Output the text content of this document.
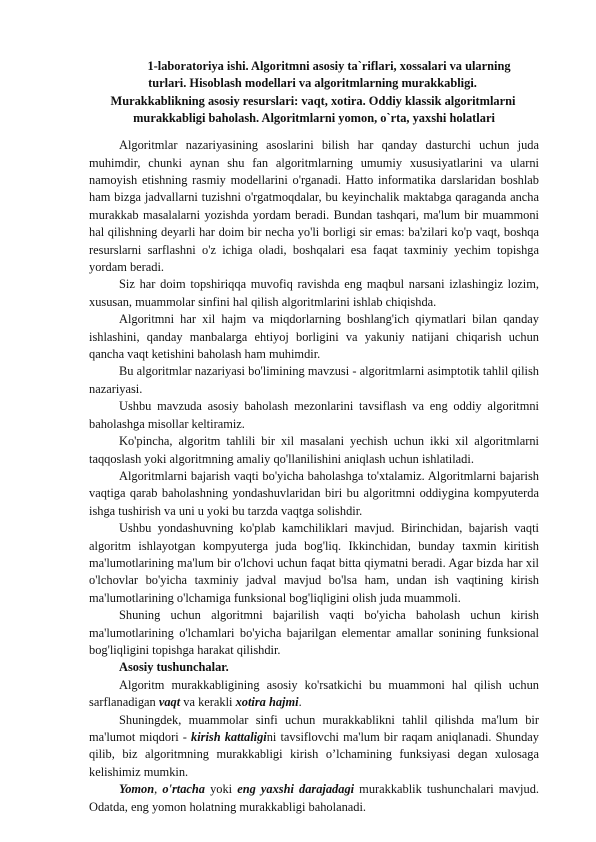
1-laboratoriya ishi. Algoritmni asosiy ta`riflari, xossalari va ularning
turlari. Hisoblash modellari va algoritmlarning murakkabligi.
Murakkablikning asosiy resurslari: vaqt, xotira. Oddiy klassik algoritmlarni
murakkabligi baholash. Algoritmlarni yomon, o`rta, yaxshi holatlari

Algoritmlar nazariyasining asoslarini bilish har qanday dasturchi uchun juda muhimdir, chunki aynan shu fan algoritmlarning umumiy xususiyatlarini va ularni namoyish etishning rasmiy modellarini o'rganadi. Hatto informatika darslaridan boshlab ham bizga jadvallarni tuzishni o'rgatmoqdalar, bu keyinchalik maktabga qaraganda ancha murakkab masalalarni yozishda yordam beradi. Bundan tashqari, ma'lum bir muammoni hal qilishning deyarli har doim bir necha yo'li borligi sir emas: ba'zilari ko'p vaqt, boshqa resurslarni sarflashni o'z ichiga oladi, boshqalari esa faqat taxminiy yechim topishga yordam beradi.

Siz har doim topshiriqqa muvofiq ravishda eng maqbul narsani izlashingiz lozim, xususan, muammolar sinfini hal qilish algoritmlarini ishlab chiqishda.

Algoritmni har xil hajm va miqdorlarning boshlang'ich qiymatlari bilan qanday ishlashini, qanday manbalarga ehtiyoj borligini va yakuniy natijani chiqarish uchun qancha vaqt ketishini baholash ham muhimdir.

Bu algoritmlar nazariyasi bo'limining mavzusi - algoritmlarni asimptotik tahlil qilish nazariyasi.

Ushbu mavzuda asosiy baholash mezonlarini tavsiflash va eng oddiy algoritmni baholashga misollar keltiramiz.

Ko'pincha, algoritm tahlili bir xil masalani yechish uchun ikki xil algoritmlarni taqqoslash yoki algoritmning amaliy qo'llanilishini aniqlash uchun ishlatiladi.

Algoritmlarni bajarish vaqti bo'yicha baholashga to'xtalamiz. Algoritmlarni bajarish vaqtiga qarab baholashning yondashuvlaridan biri bu algoritmni oddiygina kompyuterda ishga tushirish va uni u yoki bu tarzda vaqtga solishdir.

Ushbu yondashuvning ko'plab kamchiliklari mavjud. Birinchidan, bajarish vaqti algoritm ishlayotgan kompyuterga juda bog'liq. Ikkinchidan, bunday taxmin kiritish ma'lumotlarining ma'lum bir o'lchovi uchun faqat bitta qiymatni beradi. Agar bizda har xil o'lchovlar bo'yicha taxminiy jadval mavjud bo'lsa ham, undan ish vaqtining kirish ma'lumotlarining o'lchamiga funksional bog'liqligini olish juda muammoli.

Shuning uchun algoritmni bajarilish vaqti bo'yicha baholash uchun kirish ma'lumotlarining o'lchamlari bo'yicha bajarilgan elementar amallar sonining funksional bog'liqligini topishga harakat qilishdir.

Asosiy tushunchalar.

Algoritm murakkabligining asosiy ko'rsatkichi bu muammoni hal qilish uchun sarflanadigan vaqt va kerakli xotira hajmi.

Shuningdek, muammolar sinfi uchun murakkablikni tahlil qilishda ma'lum bir ma'lumot miqdori - kirish kattaligini tavsiflovchi ma'lum bir raqam aniqlanadi. Shunday qilib, biz algoritmning murakkabligi kirish o’lchamining funksiyasi degan xulosaga kelishimiz mumkin.

Yomon, o'rtacha yoki eng yaxshi darajadagi murakkablik tushunchalari mavjud. Odatda, eng yomon holatning murakkabligi baholanadi.
